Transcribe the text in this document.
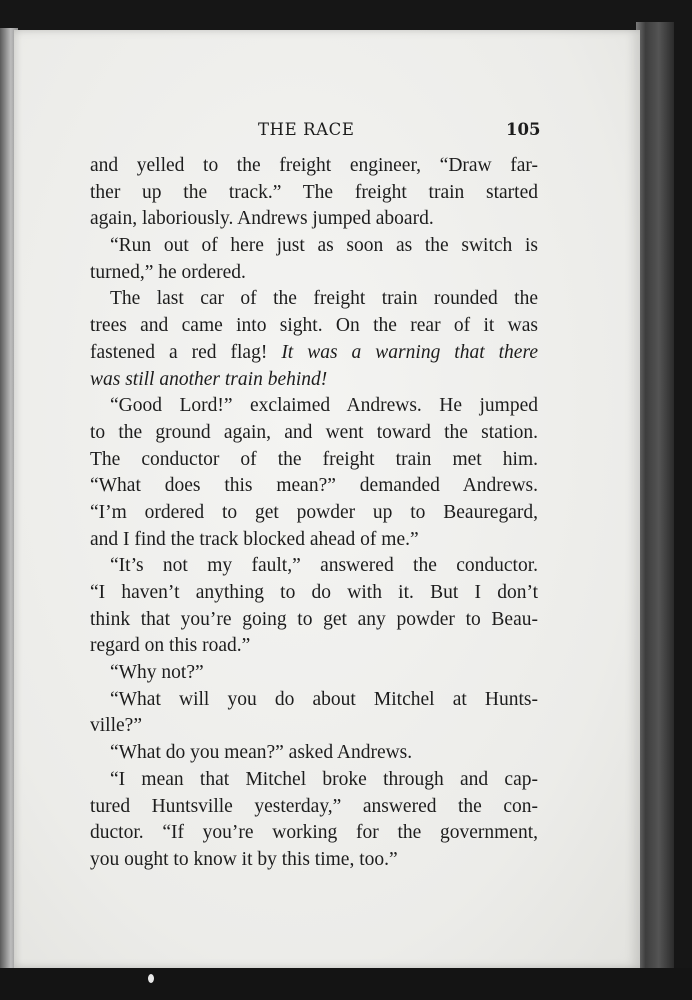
THE RACE	105
and yelled to the freight engineer, “Draw far-
ther up the track.” The freight train started
again, laboriously. Andrews jumped aboard.
“Run out of here just as soon as the switch is
turned,” he ordered.
The last car of the freight train rounded the
trees and came into sight. On the rear of it was
fastened a red flag! It was a warning that there
was still another train behind!
“Good Lord!” exclaimed Andrews. He jumped
to the ground again, and went toward the station.
The conductor of the freight train met him.
“What does this mean?” demanded Andrews.
“I’m ordered to get powder up to Beauregard,
and I find the track blocked ahead of me.”
“It’s not my fault,” answered the conductor.
“I haven’t anything to do with it. But I don’t
think that you’re going to get any powder to Beau-
regard on this road.”
“Why not?”
“What will you do about Mitchel at Hunts-
ville?”
“What do you mean?” asked Andrews.
“I mean that Mitchel broke through and cap-
tured Huntsville yesterday,” answered the con-
ductor. “If you’re working for the government,
you ought to know it by this time, too.”
